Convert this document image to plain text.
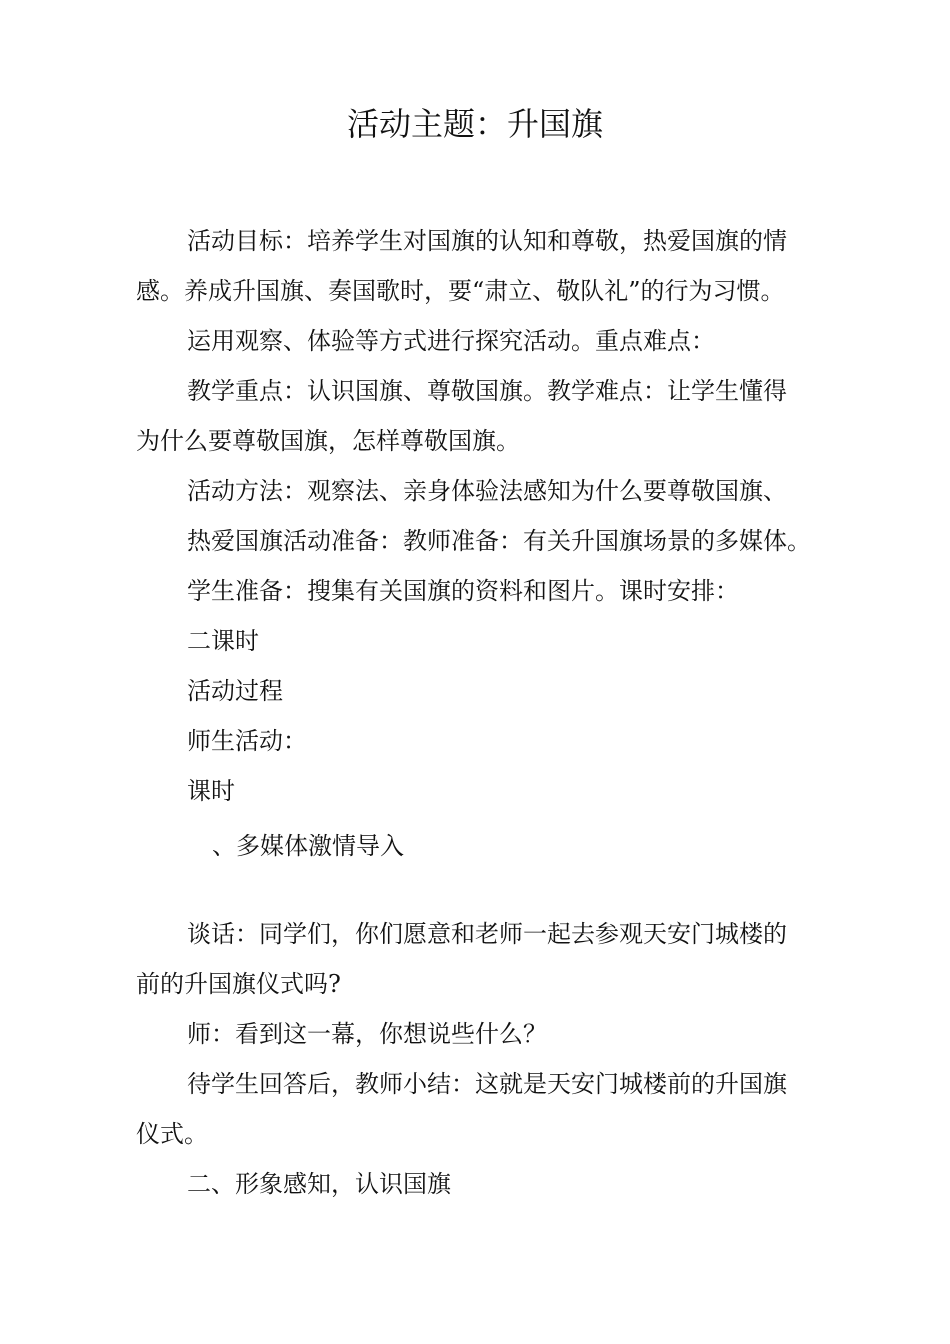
活动主题：升国旗

活动目标：培养学生对国旗的认知和尊敬，热爱国旗的情

感。养成升国旗、奏国歌时，要“肃立、敬队礼”的行为习惯。

运用观察、体验等方式进行探究活动。重点难点：

教学重点：认识国旗、尊敬国旗。教学难点：让学生懂得

为什么要尊敬国旗，怎样尊敬国旗。

活动方法：观察法、亲身体验法感知为什么要尊敬国旗、

热爱国旗活动准备：教师准备：有关升国旗场景的多媒体。

学生准备：搜集有关国旗的资料和图片。课时安排：

二课时

活动过程

师生活动：

课时

、多媒体激情导入

谈话：同学们，你们愿意和老师一起去参观天安门城楼的

前的升国旗仪式吗?

师：看到这一幕，你想说些什么？

待学生回答后，教师小结：这就是天安门城楼前的升国旗

仪式。

二、形象感知，认识国旗
